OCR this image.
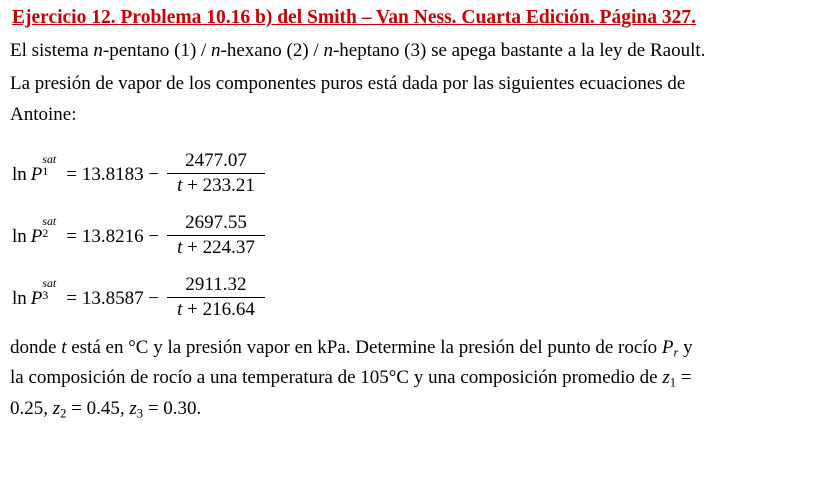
Ejercicio 12. Problema 10.16 b) del Smith – Van Ness. Cuarta Edición. Página 327.

El sistema n-pentano (1) / n-hexano (2) / n-heptano (3) se apega bastante a la ley de Raoult.

La presión de vapor de los componentes puros está dada por las siguientes ecuaciones de
Antoine:

ln P
sat
$1 = 13.8183 - \frac{2477.07}{t + 233.21}$
ln P
sat
$2 = 13.8216 - \frac{2697.55}{t + 224.37}$
ln P
sat
$3 = 13.8587 - \frac{2911.32}{t + 216.64}$

donde t está en °C y la presión vapor en kPa. Determine la presión del punto de rocío Pr y
la composición de rocío a una temperatura de 105°C y una composición promedio de z1 =
0.25, z2 = 0.45, z3 = 0.30.
